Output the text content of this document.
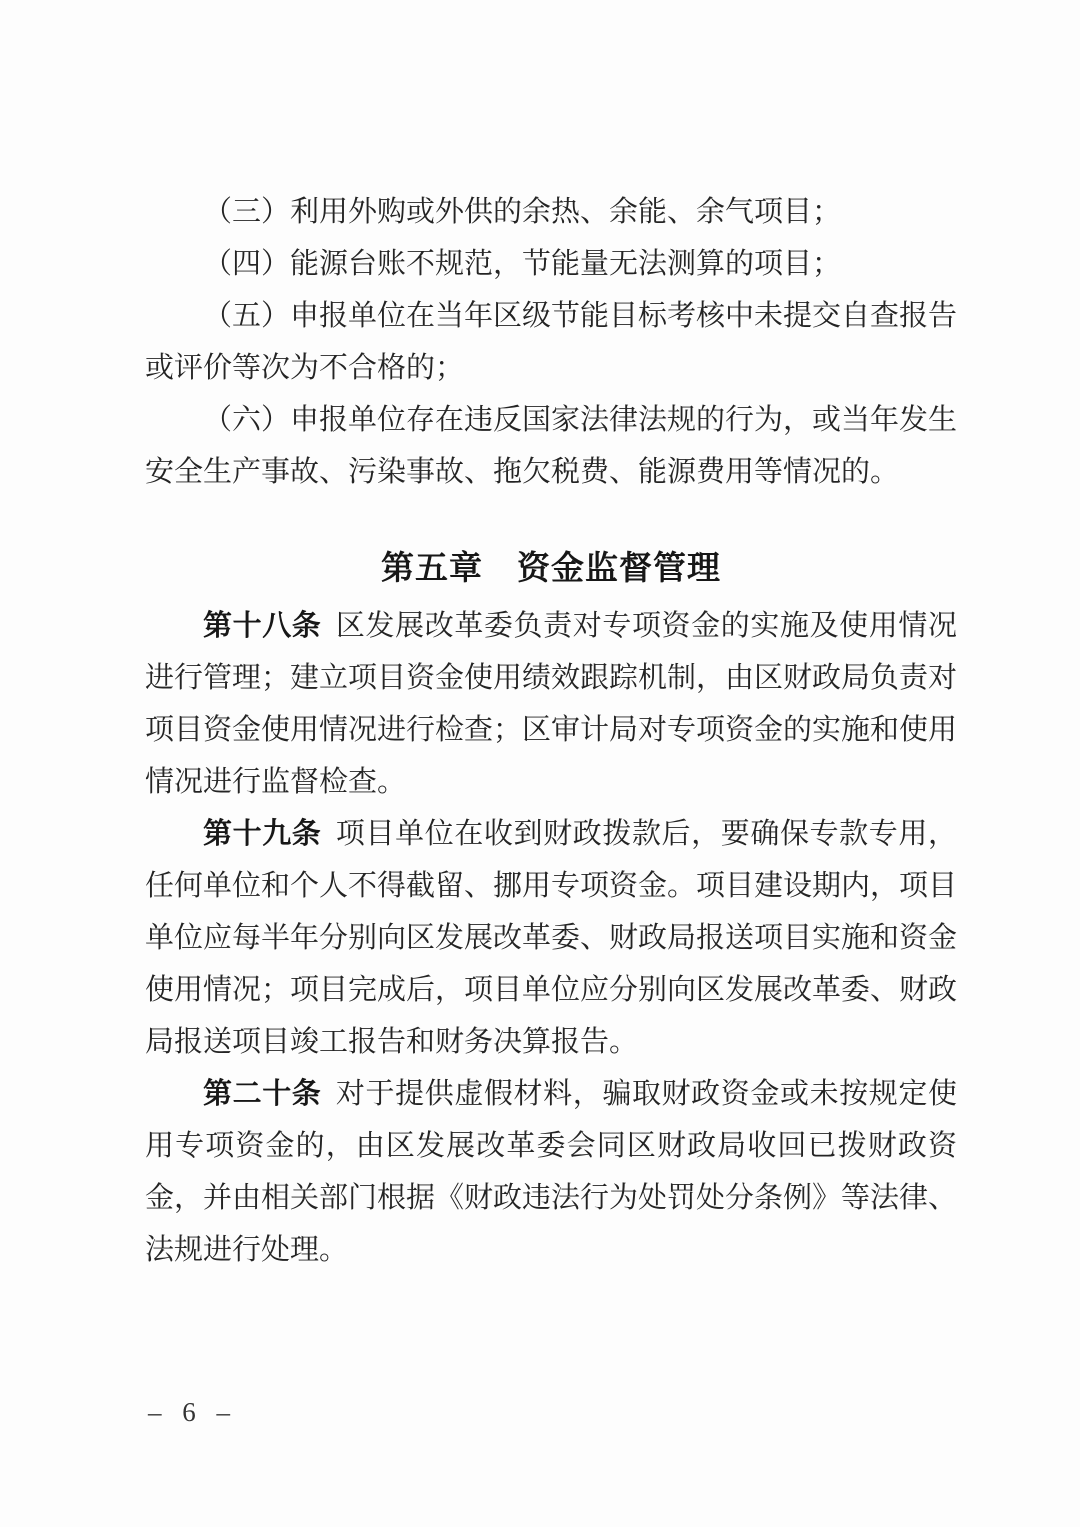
（三）利用外购或外供的余热、余能、余气项目；

（四）能源台账不规范，节能量无法测算的项目；

（五）申报单位在当年区级节能目标考核中未提交自查报告或评价等次为不合格的；

（六）申报单位存在违反国家法律法规的行为，或当年发生安全生产事故、污染事故、拖欠税费、能源费用等情况的。

第五章　资金监督管理

第十八条 区发展改革委负责对专项资金的实施及使用情况进行管理；建立项目资金使用绩效跟踪机制，由区财政局负责对项目资金使用情况进行检查；区审计局对专项资金的实施和使用情况进行监督检查。

第十九条 项目单位在收到财政拨款后，要确保专款专用，任何单位和个人不得截留、挪用专项资金。项目建设期内，项目单位应每半年分别向区发展改革委、财政局报送项目实施和资金使用情况；项目完成后，项目单位应分别向区发展改革委、财政局报送项目竣工报告和财务决算报告。

第二十条 对于提供虚假材料，骗取财政资金或未按规定使用专项资金的，由区发展改革委会同区财政局收回已拨财政资金，并由相关部门根据《财政违法行为处罚处分条例》等法律、法规进行处理。

– 6 –
